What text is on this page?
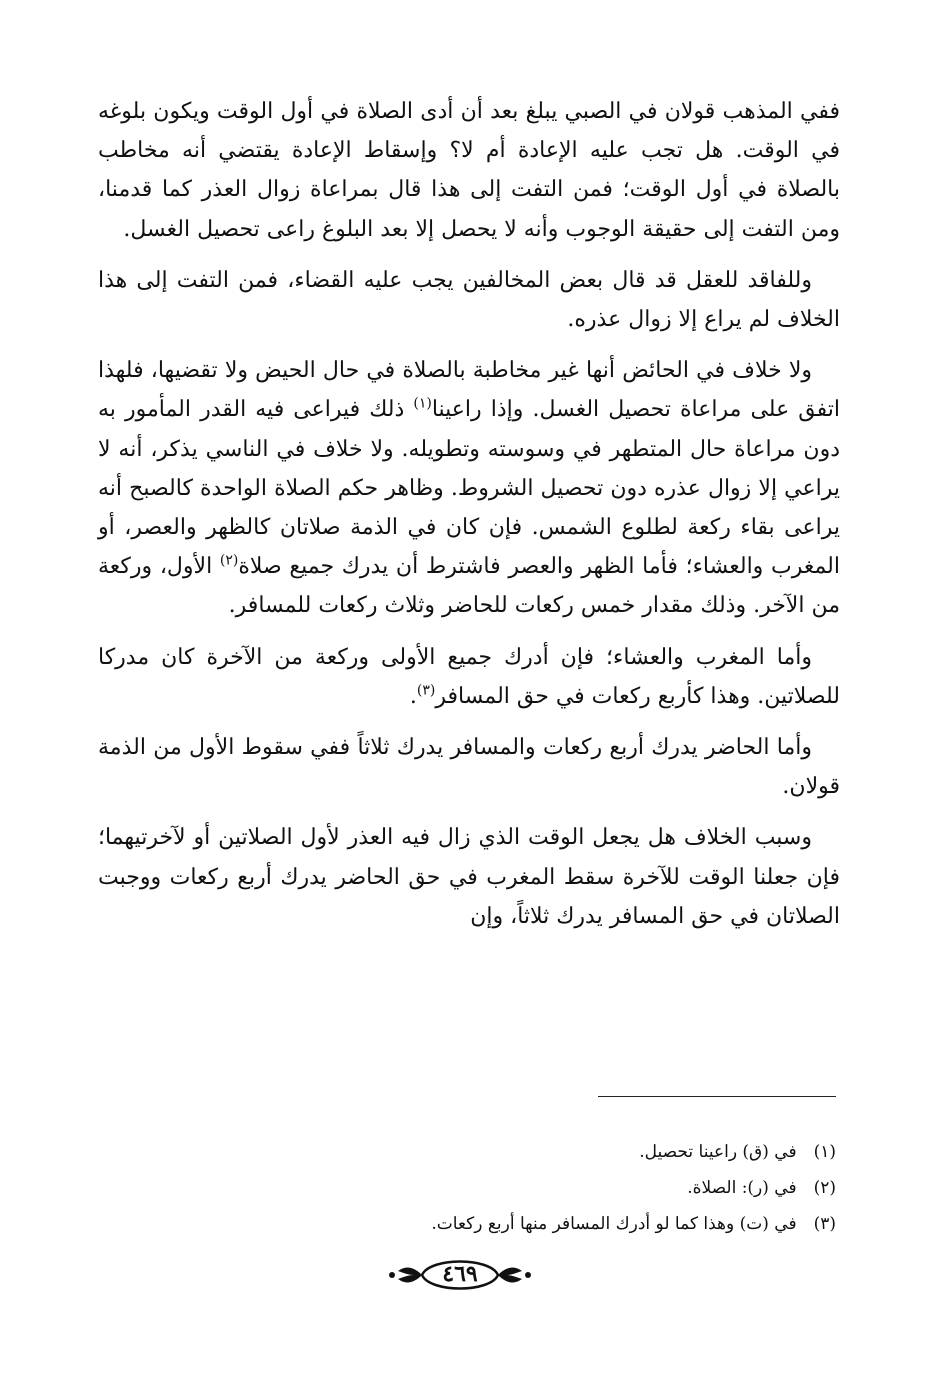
ففي المذهب قولان في الصبي يبلغ بعد أن أدى الصلاة في أول الوقت ويكون بلوغه في الوقت. هل تجب عليه الإعادة أم لا؟ وإسقاط الإعادة يقتضي أنه مخاطب بالصلاة في أول الوقت؛ فمن التفت إلى هذا قال بمراعاة زوال العذر كما قدمنا، ومن التفت إلى حقيقة الوجوب وأنه لا يحصل إلا بعد البلوغ راعى تحصيل الغسل.

وللفاقد للعقل قد قال بعض المخالفين يجب عليه القضاء، فمن التفت إلى هذا الخلاف لم يراع إلا زوال عذره.

ولا خلاف في الحائض أنها غير مخاطبة بالصلاة في حال الحيض ولا تقضيها، فلهذا اتفق على مراعاة تحصيل الغسل. وإذا راعينا$^{(١)}$ ذلك فيراعى فيه القدر المأمور به دون مراعاة حال المتطهر في وسوسته وتطويله. ولا خلاف في الناسي يذكر، أنه لا يراعي إلا زوال عذره دون تحصيل الشروط. وظاهر حكم الصلاة الواحدة كالصبح أنه يراعى بقاء ركعة لطلوع الشمس. فإن كان في الذمة صلاتان كالظهر والعصر، أو المغرب والعشاء؛ فأما الظهر والعصر فاشترط أن يدرك جميع صلاة$^{(٢)}$ الأول، وركعة من الآخر. وذلك مقدار خمس ركعات للحاضر وثلاث ركعات للمسافر.

وأما المغرب والعشاء؛ فإن أدرك جميع الأولى وركعة من الآخرة كان مدركا للصلاتين. وهذا كأربع ركعات في حق المسافر$^{(٣)}$.

وأما الحاضر يدرك أربع ركعات والمسافر يدرك ثلاثاً ففي سقوط الأول من الذمة قولان.

وسبب الخلاف هل يجعل الوقت الذي زال فيه العذر لأول الصلاتين أو لآخرتيهما؛ فإن جعلنا الوقت للآخرة سقط المغرب في حق الحاضر يدرك أربع ركعات ووجبت الصلاتان في حق المسافر يدرك ثلاثاً، وإن

(١) في (ق) راعينا تحصيل.
(٢) في (ر): الصلاة.
(٣) في (ت) وهذا كما لو أدرك المسافر منها أربع ركعات.
٤٦٩
